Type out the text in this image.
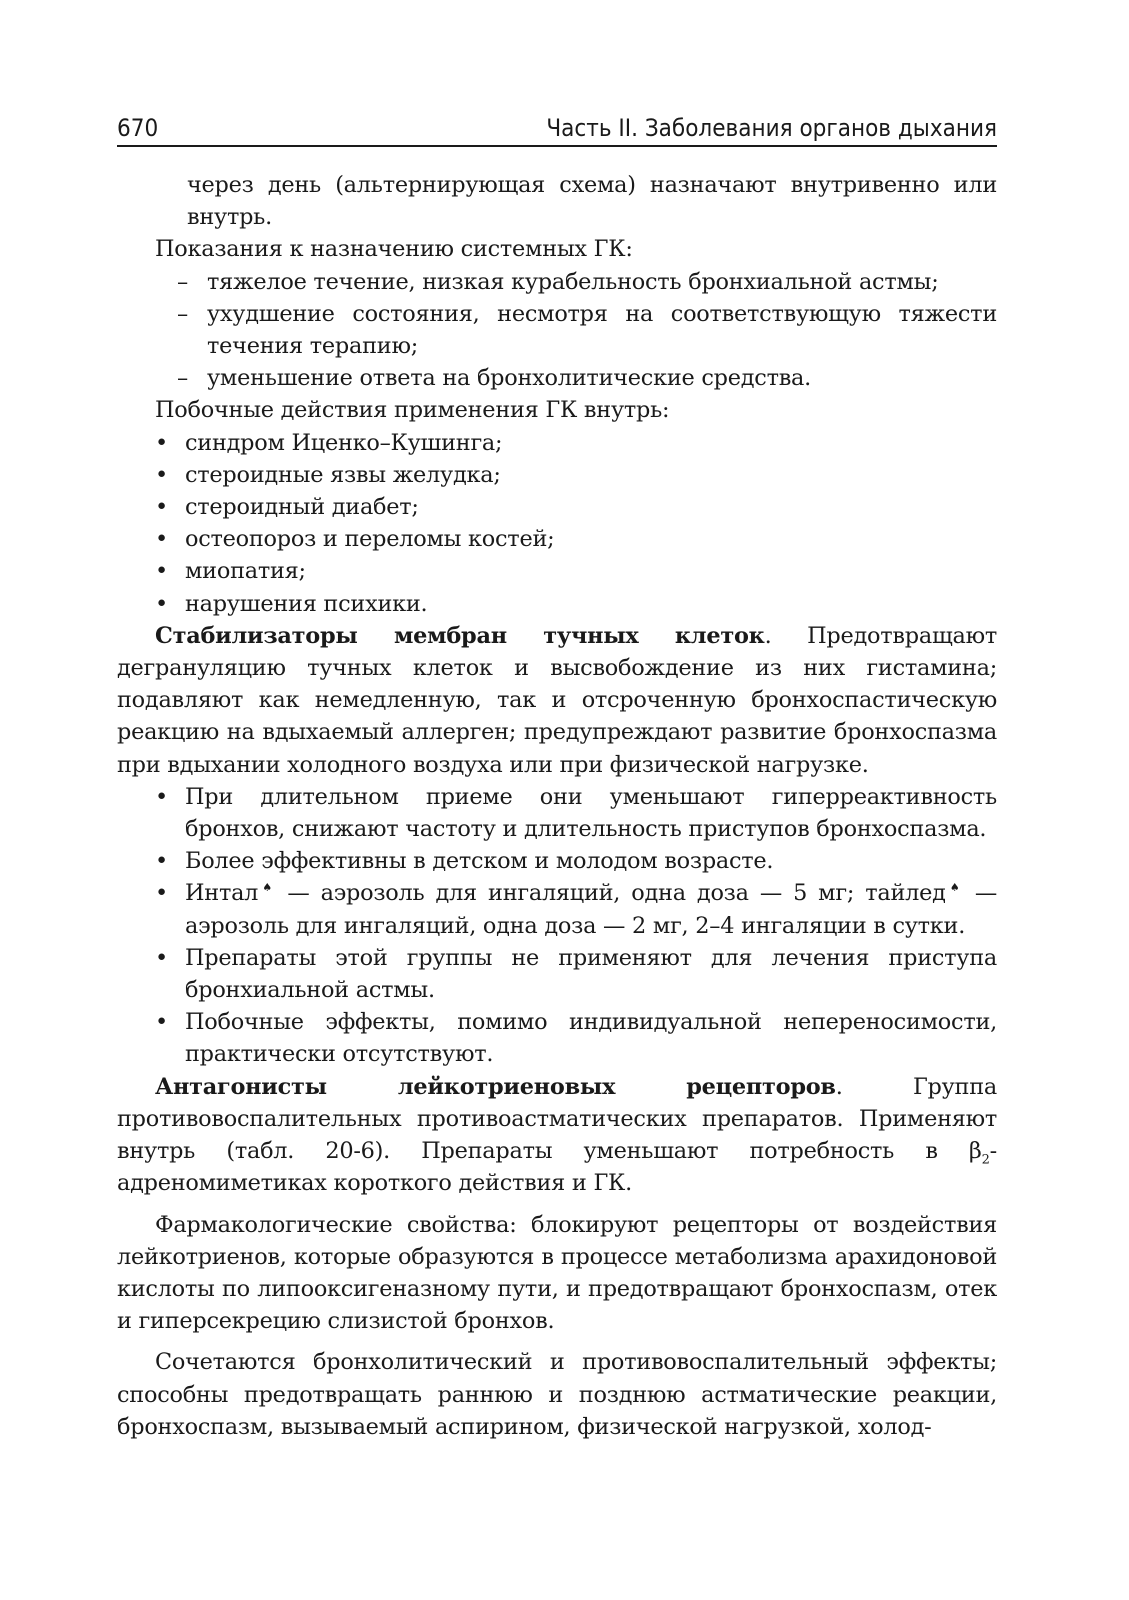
670	Часть II. Заболевания органов дыхания

через день (альтернирующая схема) назначают внутривенно или внутрь.

Показания к назначению системных ГК:

– тяжелое течение, низкая курабельность бронхиальной астмы;
– ухудшение состояния, несмотря на соответствующую тяжести течения терапию;
– уменьшение ответа на бронхолитические средства.

Побочные действия применения ГК внутрь:

• синдром Иценко–Кушинга;
• стероидные язвы желудка;
• стероидный диабет;
• остеопороз и переломы костей;
• миопатия;
• нарушения психики.

Стабилизаторы мембран тучных клеток. Предотвращают дегрануляцию тучных клеток и высвобождение из них гистамина; подавляют как немедленную, так и отсроченную бронхоспастическую реакцию на вдыхаемый аллерген; предупреждают развитие бронхоспазма при вдыхании холодного воздуха или при физической нагрузке.

• При длительном приеме они уменьшают гиперреактивность бронхов, снижают частоту и длительность приступов бронхоспазма.
• Более эффективны в детском и молодом возрасте.
• Интал♠ — аэрозоль для ингаляций, одна доза — 5 мг; тайлед♠ — аэрозоль для ингаляций, одна доза — 2 мг, 2–4 ингаляции в сутки.
• Препараты этой группы не применяют для лечения приступа бронхиальной астмы.
• Побочные эффекты, помимо индивидуальной непереносимости, практически отсутствуют.

Антагонисты лейкотриеновых рецепторов. Группа противовоспалительных противоастматических препаратов. Применяют внутрь (табл. 20-6). Препараты уменьшают потребность в $\beta_2$-адреномиметиках короткого действия и ГК.

Фармакологические свойства: блокируют рецепторы от воздействия лейкотриенов, которые образуются в процессе метаболизма арахидоновой кислоты по липооксигеназному пути, и предотвращают бронхоспазм, отек и гиперсекрецию слизистой бронхов.

Сочетаются бронхолитический и противовоспалительный эффекты; способны предотвращать раннюю и позднюю астматические реакции, бронхоспазм, вызываемый аспирином, физической нагрузкой, холод-
